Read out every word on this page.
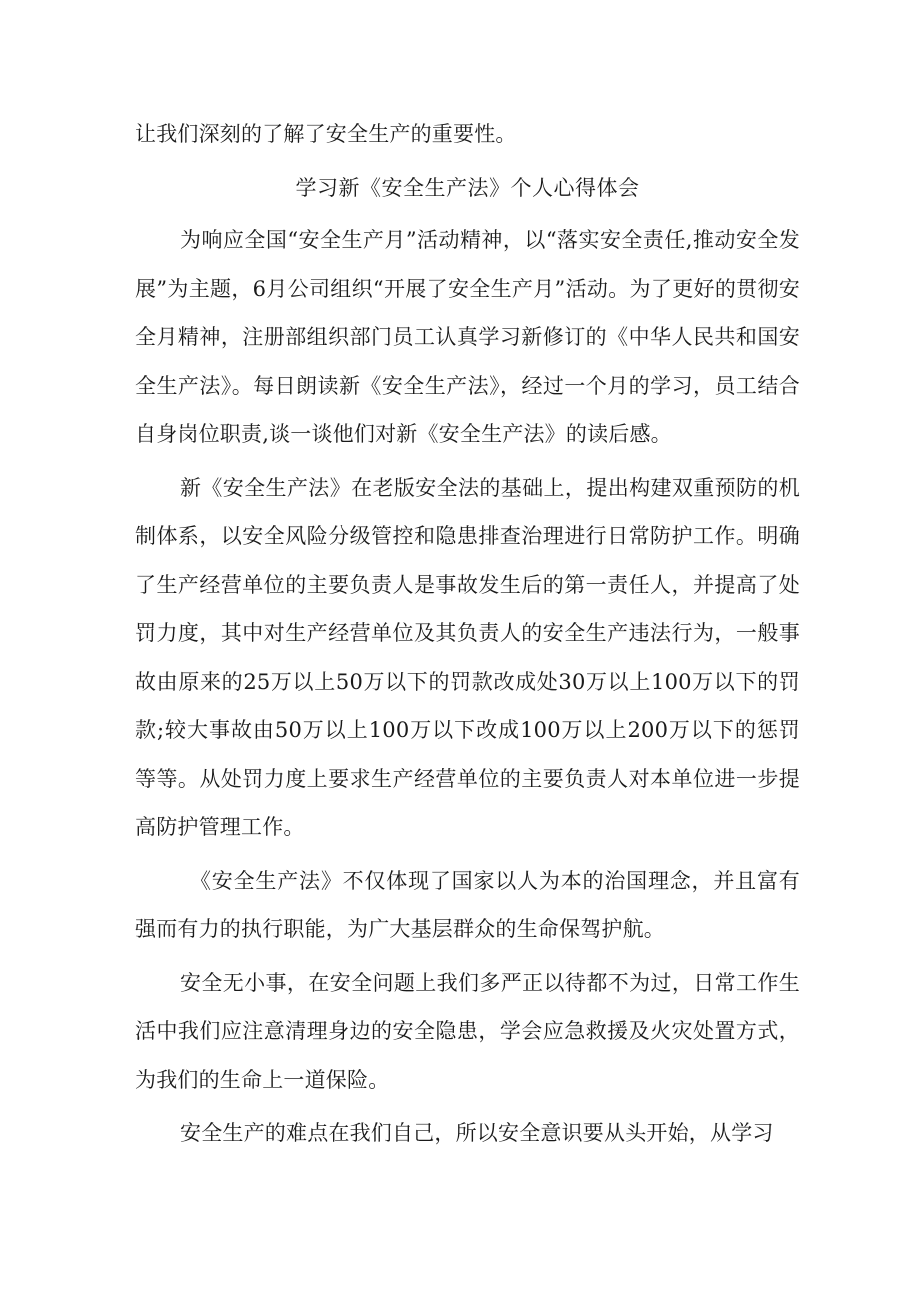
让我们深刻的了解了安全生产的重要性。

学习新《安全生产法》个人心得体会

为响应全国“安全生产月”活动精神，以“落实安全责任,推动安全发展”为主题，6月公司组织“开展了安全生产月”活动。为了更好的贯彻安全月精神，注册部组织部门员工认真学习新修订的《中华人民共和国安全生产法》。每日朗读新《安全生产法》，经过一个月的学习，员工结合自身岗位职责,谈一谈他们对新《安全生产法》的读后感。

新《安全生产法》在老版安全法的基础上，提出构建双重预防的机制体系，以安全风险分级管控和隐患排查治理进行日常防护工作。明确了生产经营单位的主要负责人是事故发生后的第一责任人，并提高了处罚力度，其中对生产经营单位及其负责人的安全生产违法行为，一般事故由原来的25万以上50万以下的罚款改成处30万以上100万以下的罚款;较大事故由50万以上100万以下改成100万以上200万以下的惩罚等等。从处罚力度上要求生产经营单位的主要负责人对本单位进一步提高防护管理工作。

《安全生产法》不仅体现了国家以人为本的治国理念，并且富有强而有力的执行职能，为广大基层群众的生命保驾护航。

安全无小事，在安全问题上我们多严正以待都不为过，日常工作生活中我们应注意清理身边的安全隐患，学会应急救援及火灾处置方式，为我们的生命上一道保险。

安全生产的难点在我们自己，所以安全意识要从头开始，从学习
